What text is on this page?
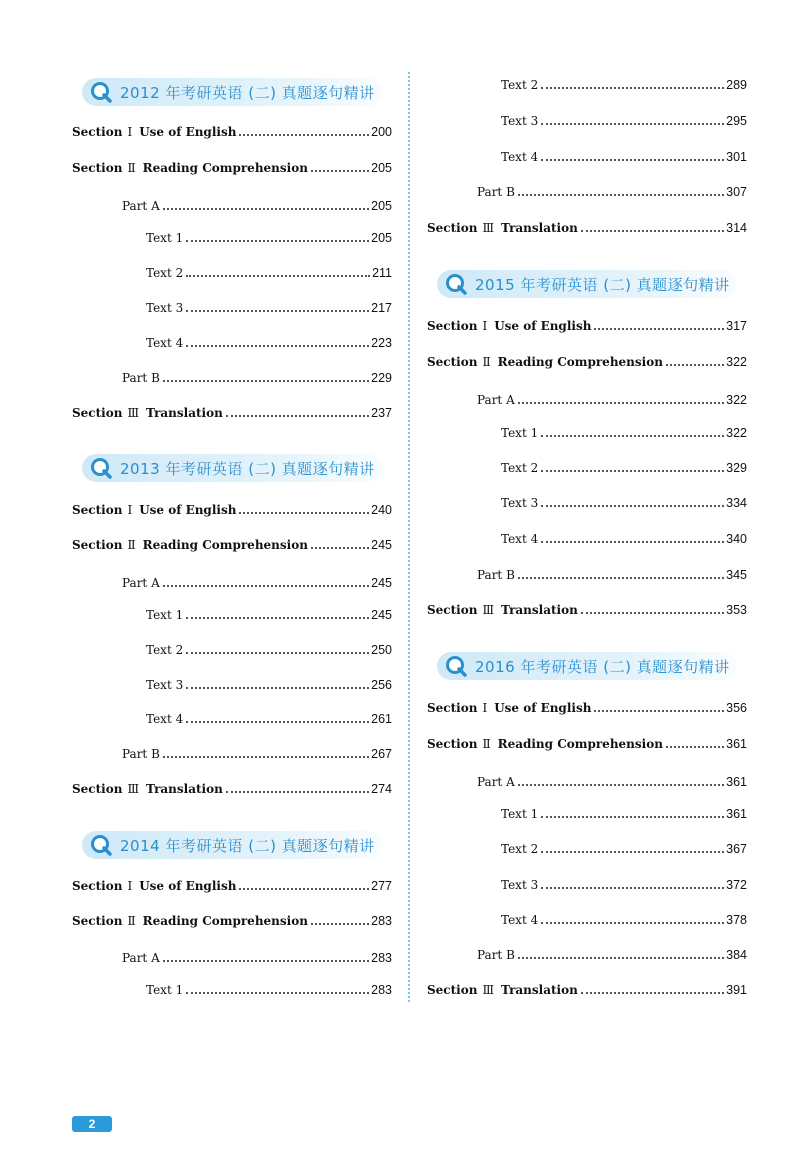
2012 年考研英语 (二) 真题逐句精讲
Section Ⅰ Use of English	200
Section Ⅱ Reading Comprehension	205
Part A	205
Text 1	205
Text 2	211
Text 3	217
Text 4	223
Part B	229
Section Ⅲ Translation	237
2013 年考研英语 (二) 真题逐句精讲
Section Ⅰ Use of English	240
Section Ⅱ Reading Comprehension	245
Part A	245
Text 1	245
Text 2	250
Text 3	256
Text 4	261
Part B	267
Section Ⅲ Translation	274
2014 年考研英语 (二) 真题逐句精讲
Section Ⅰ Use of English	277
Section Ⅱ Reading Comprehension	283
Part A	283
Text 1	283
Text 2	289
Text 3	295
Text 4	301
Part B	307
Section Ⅲ Translation	314
2015 年考研英语 (二) 真题逐句精讲
Section Ⅰ Use of English	317
Section Ⅱ Reading Comprehension	322
Part A	322
Text 1	322
Text 2	329
Text 3	334
Text 4	340
Part B	345
Section Ⅲ Translation	353
2016 年考研英语 (二) 真题逐句精讲
Section Ⅰ Use of English	356
Section Ⅱ Reading Comprehension	361
Part A	361
Text 1	361
Text 2	367
Text 3	372
Text 4	378
Part B	384
Section Ⅲ Translation	391
2
